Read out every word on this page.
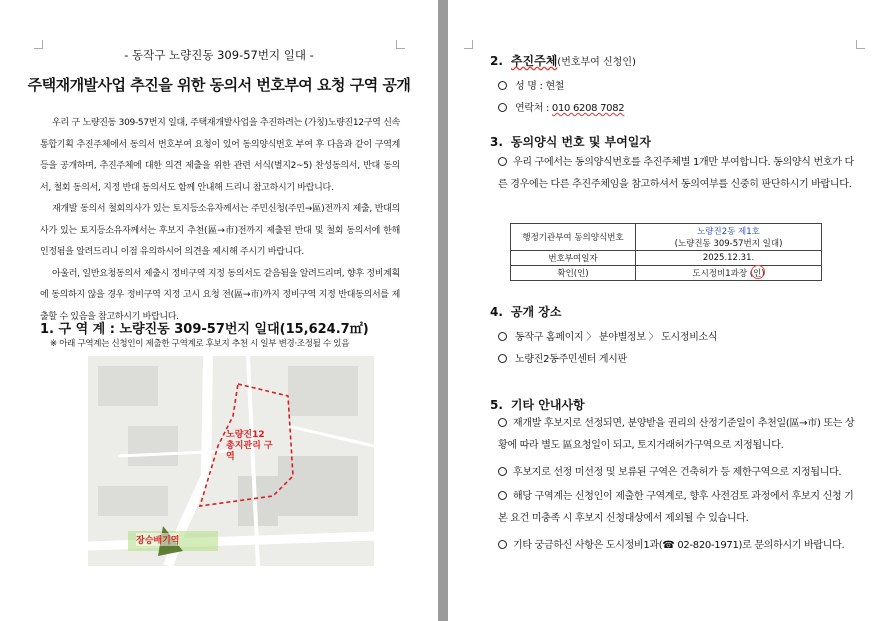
- 동작구 노량진동 309-57번지 일대 -
주택재개발사업 추진을 위한 동의서 번호부여 요청 구역 공개

우리 구 노량진동 309-57번지 일대, 주택재개발사업을 추진하려는 (가칭)노량진12구역 신속통합기획 추진주체에서 동의서 번호부여 요청이 있어 동의양식번호 부여 후 다음과 같이 구역계 등을 공개하며, 추진주체에 대한 의견 제출을 위한 관련 서식(별지2~5) 찬성동의서, 반대 동의서, 철회 동의서, 지정 반대 동의서도 함께 안내해 드리니 참고하시기 바랍니다.

재개발 동의서 철회의사가 있는 토지등소유자께서는 주민신청(주민→區)전까지 제출, 반대의사가 있는 토지등소유자께서는 후보지 추천(區→市)전까지 제출된 반대 및 철회 동의서에 한해 인정됨을 알려드리니 이점 유의하시어 의견을 제시해 주시기 바랍니다.

아울러, 일반요청동의서 제출시 정비구역 지정 동의서도 같음됨을 알려드리며, 향후 정비계획에 동의하지 않을 경우 정비구역 지정 고시 요청 전(區→市)까지 정비구역 지정 반대동의서를 제출할 수 있음을 참고하시기 바랍니다.

1. 구 역 계 : 노량진동 309-57번지 일대(15,624.7㎡)
※ 아래 구역계는 신청인이 제출한 구역계로 후보지 추천 시 일부 변경·조정될 수 있음
노량진12 총지관리 구역
장승배기역
2. 추진주체(번호부여 신청인)
성 명 : 현철
연락처 : 010 6208 7082
3. 동의양식 번호 및 부여일자
우리 구에서는 동의양식번호를 추진주체별 1개만 부여합니다. 동의양식 번호가 다른 경우에는 다른 추진주체임을 참고하셔서 동의여부를 신중히 판단하시기 바랍니다.
행정기관부여 동의양식번호	노량진2동 제1호
(노량진동 309-57번지 일대)

번호부여일자	2025.12.31.
확인(인)	도시정비1과장 (인)
4. 공개 장소
동작구 홈페이지 〉 분야별정보 〉 도시정비소식
노량진2동주민센터 게시판
5. 기타 안내사항
재개발 후보지로 선정되면, 분양받을 권리의 산정기준일이 추천일(區→市) 또는 상황에 따라 별도 區요청일이 되고, 토지거래허가구역으로 지정됩니다.
후보지로 선정 미선정 및 보류된 구역은 건축허가 등 제한구역으로 지정됩니다.
해당 구역계는 신청인이 제출한 구역계로, 향후 사전검토 과정에서 후보지 신청 기본 요건 미충족 시 후보지 신청대상에서 제외될 수 있습니다.
기타 궁금하신 사항은 도시정비1과(☎ 02-820-1971)로 문의하시기 바랍니다.
